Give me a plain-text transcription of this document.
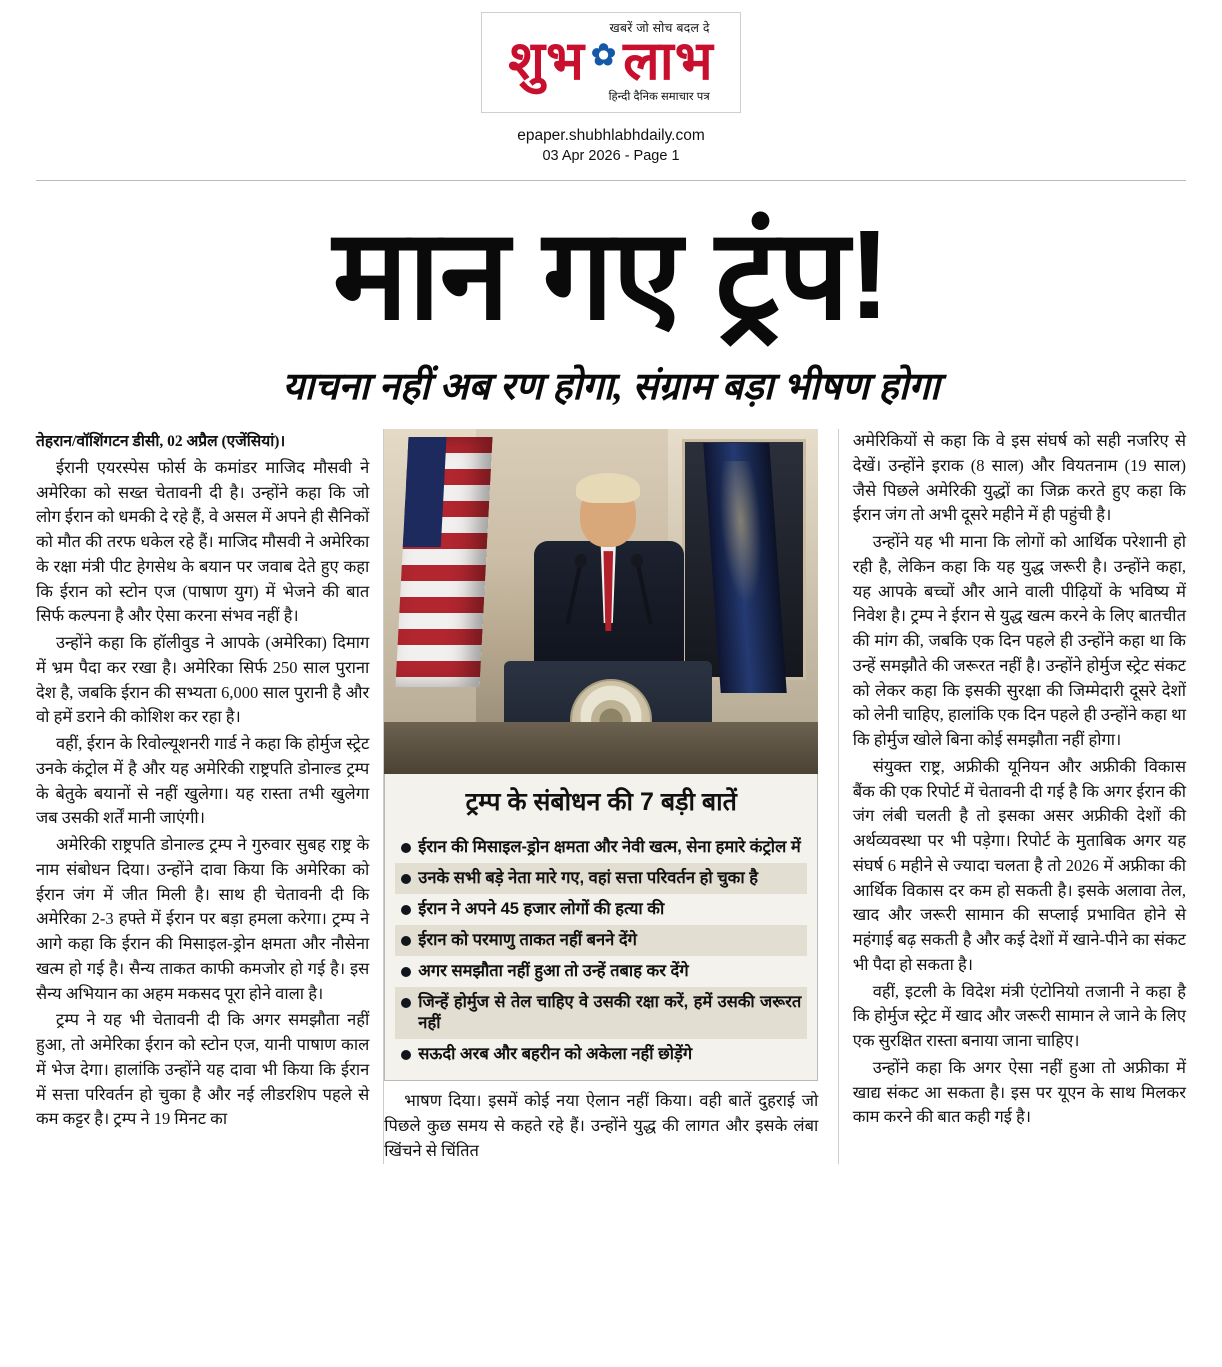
खबरें जो सोच बदल दे
शुभ ✿ लाभ
हिन्दी दैनिक समाचार पत्र
epaper.shubhlabhdaily.com
03 Apr 2026 - Page 1
मान गए ट्रंप!
याचना नहीं अब रण होगा, संग्राम बड़ा भीषण होगा

तेहरान/वॉशिंगटन डीसी, 02 अप्रैल (एजेंसियां)।

ईरानी एयरस्पेस फोर्स के कमांडर माजिद मौसवी ने अमेरिका को सख्त चेतावनी दी है। उन्होंने कहा कि जो लोग ईरान को धमकी दे रहे हैं, वे असल में अपने ही सैनिकों को मौत की तरफ धकेल रहे हैं। माजिद मौसवी ने अमेरिका के रक्षा मंत्री पीट हेगसेथ के बयान पर जवाब देते हुए कहा कि ईरान को स्टोन एज (पाषाण युग) में भेजने की बात सिर्फ कल्पना है और ऐसा करना संभव नहीं है।

उन्होंने कहा कि हॉलीवुड ने आपके (अमेरिका) दिमाग में भ्रम पैदा कर रखा है। अमेरिका सिर्फ 250 साल पुराना देश है, जबकि ईरान की सभ्यता 6,000 साल पुरानी है और वो हमें डराने की कोशिश कर रहा है।

वहीं, ईरान के रिवोल्यूशनरी गार्ड ने कहा कि होर्मुज स्ट्रेट उनके कंट्रोल में है और यह अमेरिकी राष्ट्रपति डोनाल्ड ट्रम्प के बेतुके बयानों से नहीं खुलेगा। यह रास्ता तभी खुलेगा जब उसकी शर्तें मानी जाएंगी।

अमेरिकी राष्ट्रपति डोनाल्ड ट्रम्प ने गुरुवार सुबह राष्ट्र के नाम संबोधन दिया। उन्होंने दावा किया कि अमेरिका को ईरान जंग में जीत मिली है। साथ ही चेतावनी दी कि अमेरिका 2-3 हफ्ते में ईरान पर बड़ा हमला करेगा। ट्रम्प ने आगे कहा कि ईरान की मिसाइल-ड्रोन क्षमता और नौसेना खत्म हो गई है। सैन्य ताकत काफी कमजोर हो गई है। इस सैन्य अभियान का अहम मकसद पूरा होने वाला है।

ट्रम्प ने यह भी चेतावनी दी कि अगर समझौता नहीं हुआ, तो अमेरिका ईरान को स्टोन एज, यानी पाषाण काल में भेज देगा। हालांकि उन्होंने यह दावा भी किया कि ईरान में सत्ता परिवर्तन हो चुका है और नई लीडरशिप पहले से कम कट्टर है। ट्रम्प ने 19 मिनट का

ट्रम्प के संबोधन की 7 बड़ी बातें
ईरान की मिसाइल-ड्रोन क्षमता और नेवी खत्म, सेना हमारे कंट्रोल में
उनके सभी बड़े नेता मारे गए, वहां सत्ता परिवर्तन हो चुका है
ईरान ने अपने 45 हजार लोगों की हत्या की
ईरान को परमाणु ताकत नहीं बनने देंगे
अगर समझौता नहीं हुआ तो उन्हें तबाह कर देंगे
जिन्हें होर्मुज से तेल चाहिए वे उसकी रक्षा करें, हमें उसकी जरूरत नहीं
सऊदी अरब और बहरीन को अकेला नहीं छोड़ेंगे

भाषण दिया। इसमें कोई नया ऐलान नहीं किया। वही बातें दुहराई जो पिछले कुछ समय से कहते रहे हैं। उन्होंने युद्ध की लागत और इसके लंबा खिंचने से चिंतित

अमेरिकियों से कहा कि वे इस संघर्ष को सही नजरिए से देखें। उन्होंने इराक (8 साल) और वियतनाम (19 साल) जैसे पिछले अमेरिकी युद्धों का जिक्र करते हुए कहा कि ईरान जंग तो अभी दूसरे महीने में ही पहुंची है।

उन्होंने यह भी माना कि लोगों को आर्थिक परेशानी हो रही है, लेकिन कहा कि यह युद्ध जरूरी है। उन्होंने कहा, यह आपके बच्चों और आने वाली पीढ़ियों के भविष्य में निवेश है। ट्रम्प ने ईरान से युद्ध खत्म करने के लिए बातचीत की मांग की, जबकि एक दिन पहले ही उन्होंने कहा था कि उन्हें समझौते की जरूरत नहीं है। उन्होंने होर्मुज स्ट्रेट संकट को लेकर कहा कि इसकी सुरक्षा की जिम्मेदारी दूसरे देशों को लेनी चाहिए, हालांकि एक दिन पहले ही उन्होंने कहा था कि होर्मुज खोले बिना कोई समझौता नहीं होगा।

संयुक्त राष्ट्र, अफ्रीकी यूनियन और अफ्रीकी विकास बैंक की एक रिपोर्ट में चेतावनी दी गई है कि अगर ईरान की जंग लंबी चलती है तो इसका असर अफ्रीकी देशों की अर्थव्यवस्था पर भी पड़ेगा। रिपोर्ट के मुताबिक अगर यह संघर्ष 6 महीने से ज्यादा चलता है तो 2026 में अफ्रीका की आर्थिक विकास दर कम हो सकती है। इसके अलावा तेल, खाद और जरूरी सामान की सप्लाई प्रभावित होने से महंगाई बढ़ सकती है और कई देशों में खाने-पीने का संकट भी पैदा हो सकता है।

वहीं, इटली के विदेश मंत्री एंटोनियो तजानी ने कहा है कि होर्मुज स्ट्रेट में खाद और जरूरी सामान ले जाने के लिए एक सुरक्षित रास्ता बनाया जाना चाहिए।

उन्होंने कहा कि अगर ऐसा नहीं हुआ तो अफ्रीका में खाद्य संकट आ सकता है। इस पर यूएन के साथ मिलकर काम करने की बात कही गई है।
